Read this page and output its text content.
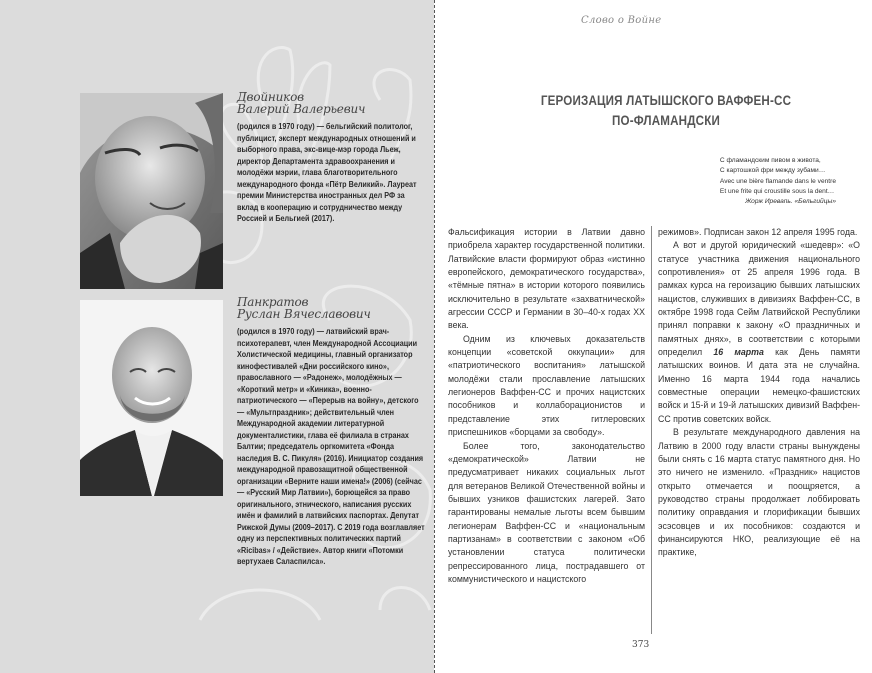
Двойников
Валерий Валерьевич
(родился в 1970 году) — бельгийский политолог, публицист, эксперт международных отношений и выборного права, экс-вице-мэр города Льеж, директор Департамента здравоохранения и молодёжи мэрии, глава благотворительного международного фонда «Пётр Великий». Лауреат премии Министерства иностранных дел РФ за вклад в кооперацию и сотрудничество между Россией и Бельгией (2017).
Панкратов
Руслан Вячеславович
(родился в 1970 году) — латвийский врач-психотерапевт, член Международной Ассоциации Холистической медицины, главный организатор кинофестивалей «Дни российского кино», православного — «Радонеж», молодёжных — «Короткий метр» и «Киника», военно-патриотического — «Перерыв на войну», детского — «Мультпраздник»; действительный член Международной академии литературной документалистики, глава её филиала в странах Балтии; председатель оргкомитета «Фонда наследия В. С. Пикуля» (2016). Инициатор создания международной правозащитной общественной организации «Верните наши имена!» (2006) (сейчас — «Русский Мир Латвии»), борющейся за право оригинального, этнического, написания русских имён и фамилий в латвийских паспортах. Депутат Рижской Думы (2009–2017). С 2019 года возглавляет одну из перспективных политических партий «Ricibas» / «Действие». Автор книги «Потомки вертухаев Саласпилса».
Слово о Войне
ГЕРОИЗАЦИЯ ЛАТЫШСКОГО ВАФФЕН-СС
ПО-ФЛАМАНДСКИ
С фламандским пивом в живота,
С картошкой фри между зубами…
Avec une bière flamande dans le ventre
Et une frite qui croustille sous la dent…
Жорж Иревапь. «Бельгийцы»

Фальсификация истории в Латвии давно приобрела характер государственной политики. Латвийские власти формируют образ «истинно европейского, демократического государства», «тёмные пятна» в истории которого появились исключительно в результате «захватнической» агрессии СССР и Германии в 30–40-х годах XX века.

Одним из ключевых доказательств концепции «советской оккупации» для «патриотического воспитания» латышской молодёжи стали прославление латышских легионеров Ваффен-СС и прочих нацистских пособников и коллаборационистов и представление этих гитлеровских приспешников «борцами за свободу».

Более того, законодательство «демократической» Латвии не предусматривает никаких социальных льгот для ветеранов Великой Отечественной войны и бывших узников фашистских лагерей. Зато гарантированы немалые льготы всем бывшим легионерам Ваффен-СС и «национальным партизанам» в соответствии с законом «Об установлении статуса политически репрессированного лица, пострадавшего от коммунистического и нацистского

режимов». Подписан закон 12 апреля 1995 года.

А вот и другой юридический «шедевр»: «О статусе участника движения национального сопротивления» от 25 апреля 1996 года. В рамках курса на героизацию бывших латышских нацистов, служивших в дивизиях Ваффен-СС, в октябре 1998 года Сейм Латвийской Республики принял поправки к закону «О праздничных и памятных днях», в соответствии с которыми определил 16 марта как День памяти латышских воинов. И дата эта не случайна. Именно 16 марта 1944 года начались совместные операции немецко-фашистских войск и 15-й и 19-й латышских дивизий Ваффен-СС против советских войск.

В результате международного давления на Латвию в 2000 году власти страны вынуждены были снять с 16 марта статус памятного дня. Но это ничего не изменило. «Праздник» нацистов открыто отмечается и поощряется, а руководство страны продолжает лоббировать политику оправдания и глорификации бывших эсэсовцев и их пособников: создаются и финансируются НКО, реализующие её на практике,

373
